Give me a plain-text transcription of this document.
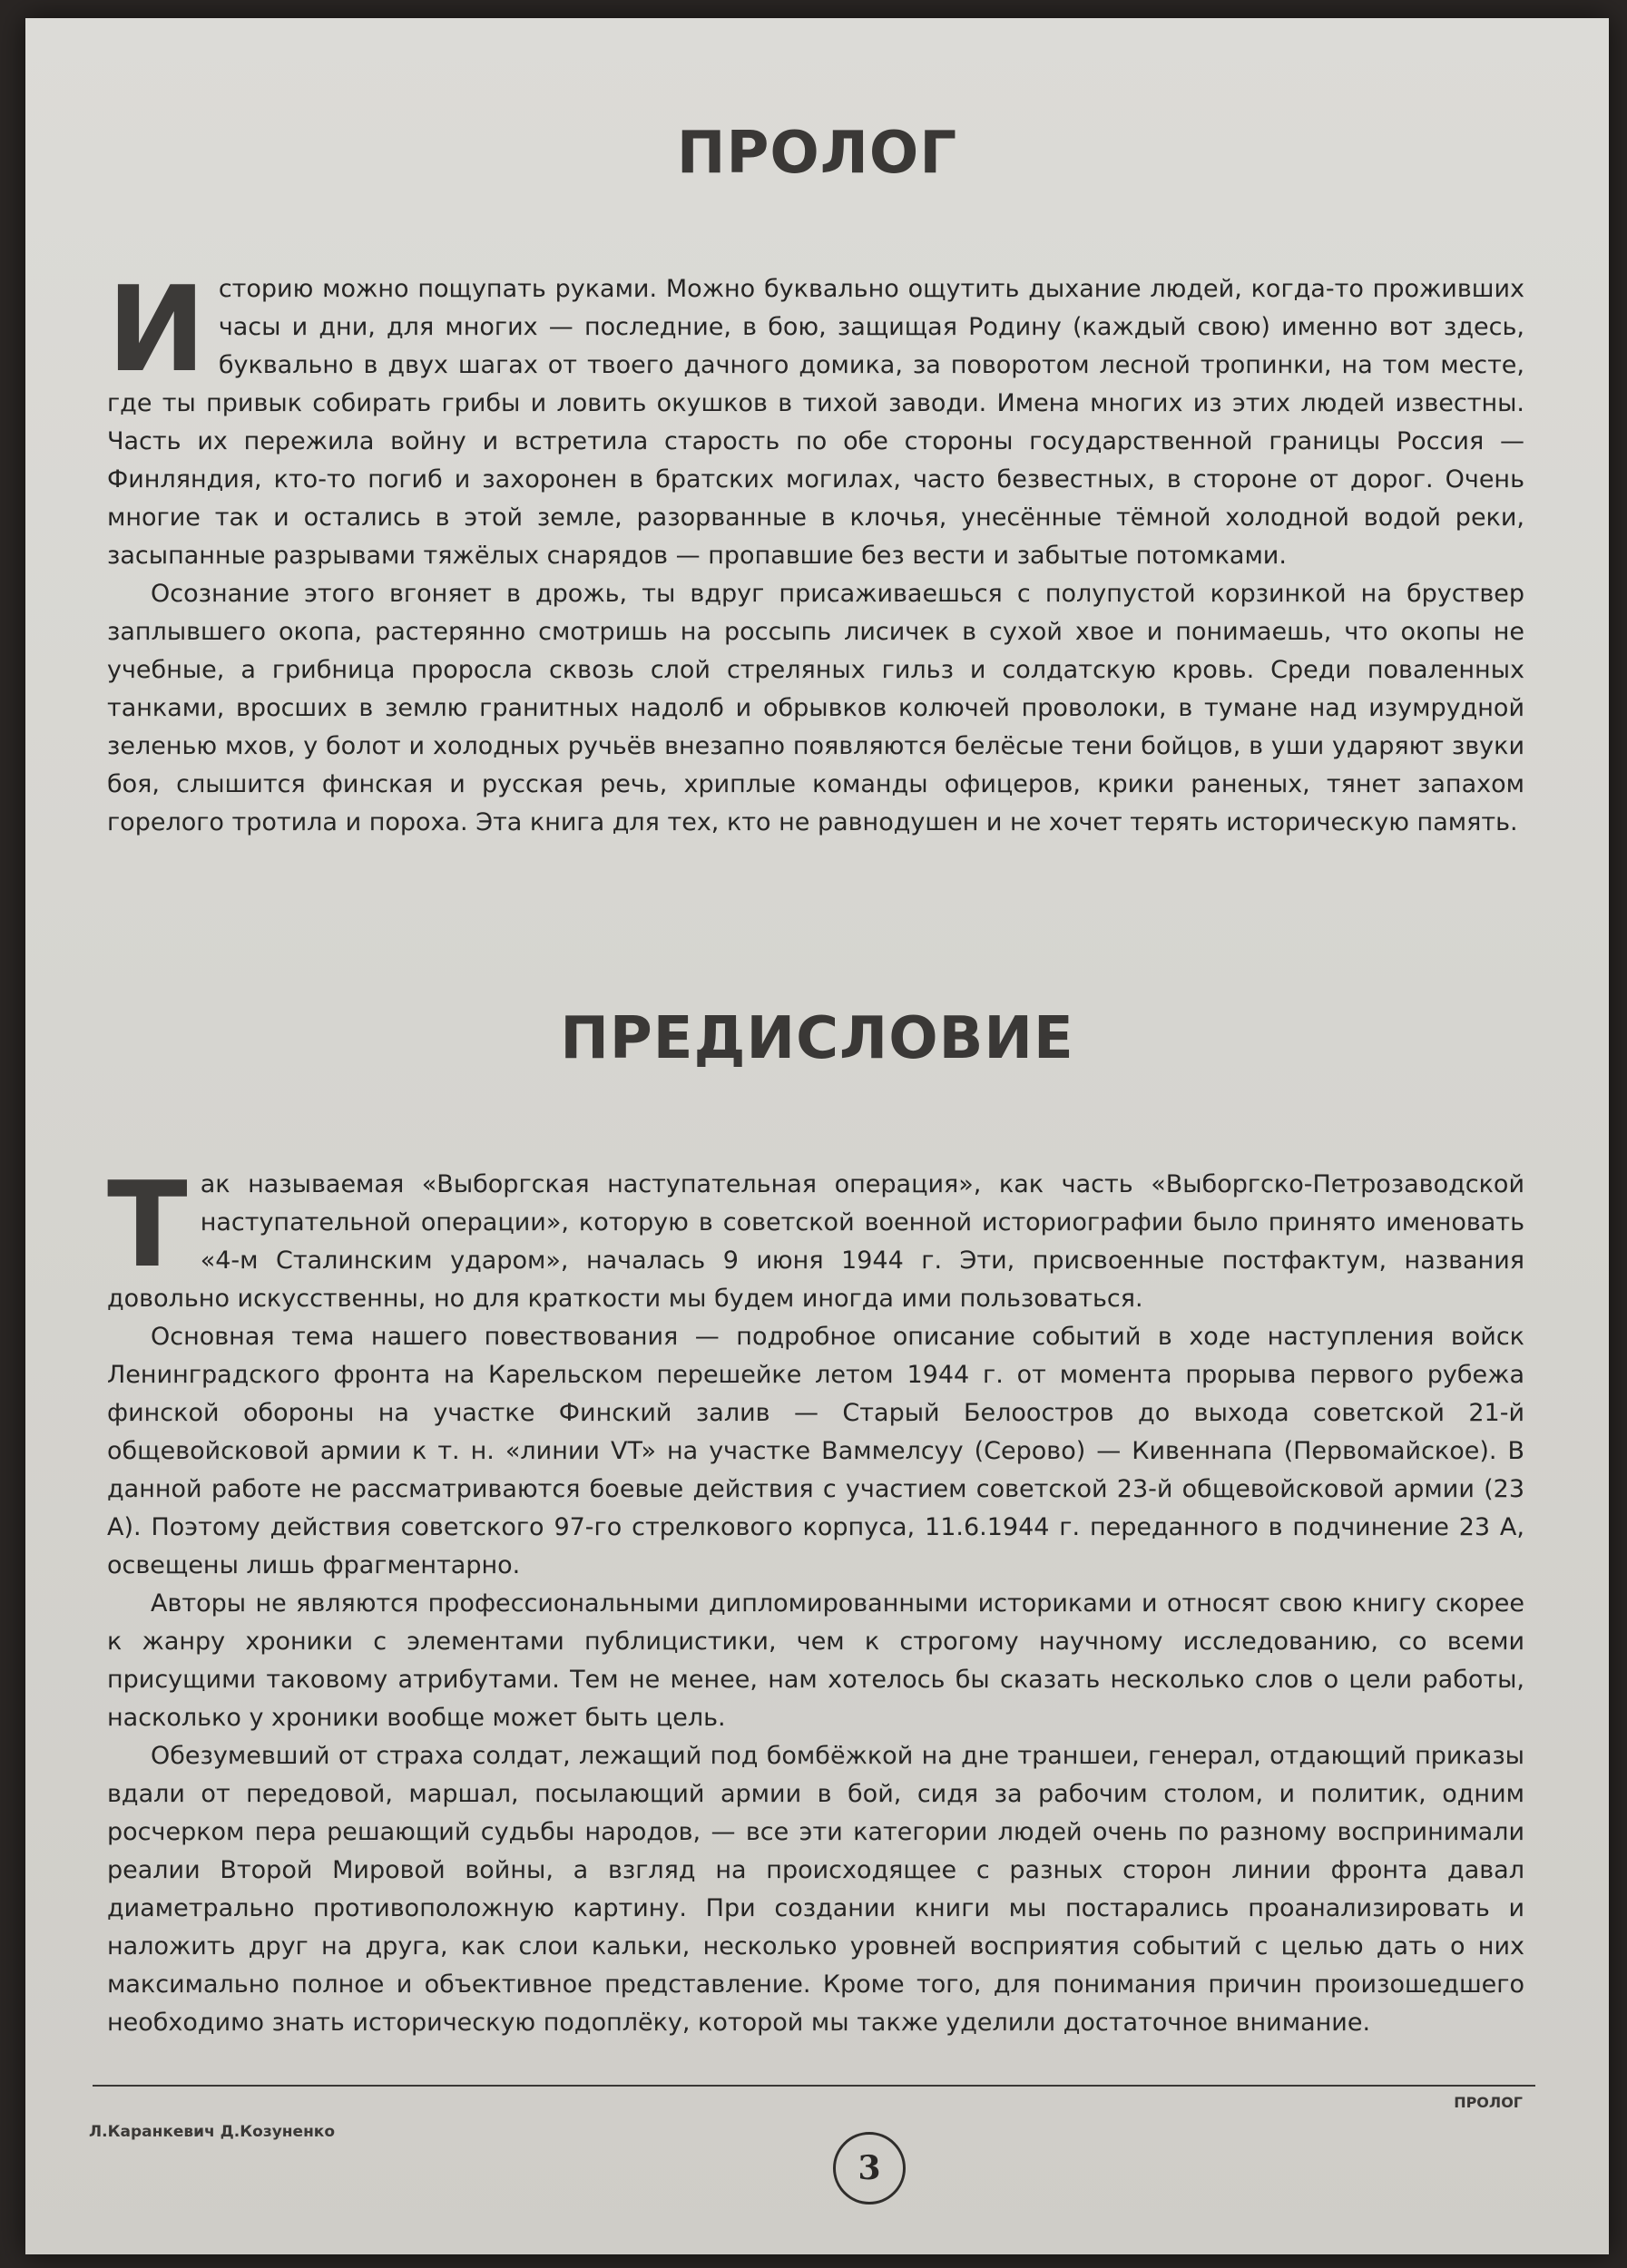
ПРОЛОГ

Историю можно пощупать руками. Можно буквально ощутить дыхание людей, когда-то проживших часы и дни, для многих — последние, в бою, защищая Родину (каждый свою) именно вот здесь, буквально в двух шагах от твоего дачного домика, за поворотом лесной тропинки, на том месте, где ты привык собирать грибы и ловить окушков в тихой заводи. Имена многих из этих людей известны. Часть их пережила войну и встретила старость по обе стороны государственной границы Россия — Финляндия, кто-то погиб и захоронен в братских могилах, часто безвестных, в стороне от дорог. Очень многие так и остались в этой земле, разорванные в клочья, унесённые тёмной холодной водой реки, засыпанные разрывами тяжёлых снарядов — пропавшие без вести и забытые потомками.

Осознание этого вгоняет в дрожь, ты вдруг присаживаешься с полупустой корзинкой на бруствер заплывшего окопа, растерянно смотришь на россыпь лисичек в сухой хвое и понимаешь, что окопы не учебные, а грибница проросла сквозь слой стреляных гильз и солдатскую кровь. Среди поваленных танками, вросших в землю гранитных надолб и обрывков колючей проволоки, в тумане над изумрудной зеленью мхов, у болот и холодных ручьёв внезапно появляются белёсые тени бойцов, в уши ударяют звуки боя, слышится финская и русская речь, хриплые команды офицеров, крики раненых, тянет запахом горелого тротила и пороха. Эта книга для тех, кто не равнодушен и не хочет терять историческую память.

ПРЕДИСЛОВИЕ

Так называемая «Выборгская наступательная операция», как часть «Выборгско-Петрозаводской наступательной операции», которую в советской военной историографии было принято именовать «4-м Сталинским ударом», началась 9 июня 1944 г. Эти, присвоенные постфактум, названия довольно искусственны, но для краткости мы будем иногда ими пользоваться.

Основная тема нашего повествования — подробное описание событий в ходе наступления войск Ленинградского фронта на Карельском перешейке летом 1944 г. от момента прорыва первого рубежа финской обороны на участке Финский залив — Старый Белоостров до выхода советской 21-й общевойсковой армии к т. н. «линии VT» на участке Ваммелсуу (Серово) — Кивеннапа (Первомайское). В данной работе не рассматриваются боевые действия с участием советской 23-й общевойсковой армии (23 А). Поэтому действия советского 97-го стрелкового корпуса, 11.6.1944 г. переданного в подчинение 23 А, освещены лишь фрагментарно.

Авторы не являются профессиональными дипломированными историками и относят свою книгу скорее к жанру хроники с элементами публицистики, чем к строгому научному исследованию, со всеми присущими таковому атрибутами. Тем не менее, нам хотелось бы сказать несколько слов о цели работы, насколько у хроники вообще может быть цель.

Обезумевший от страха солдат, лежащий под бомбёжкой на дне траншеи, генерал, отдающий приказы вдали от передовой, маршал, посылающий армии в бой, сидя за рабочим столом, и политик, одним росчерком пера решающий судьбы народов, — все эти категории людей очень по разному воспринимали реалии Второй Мировой войны, а взгляд на происходящее с разных сторон линии фронта давал диаметрально противоположную картину. При создании книги мы постарались проанализировать и наложить друг на друга, как слои кальки, несколько уровней восприятия событий с целью дать о них максимально полное и объективное представление. Кроме того, для понимания причин произошедшего необходимо знать историческую подоплёку, которой мы также уделили достаточное внимание.

ПРОЛОГ
Л.Каранкевич Д.Козуненко
3
